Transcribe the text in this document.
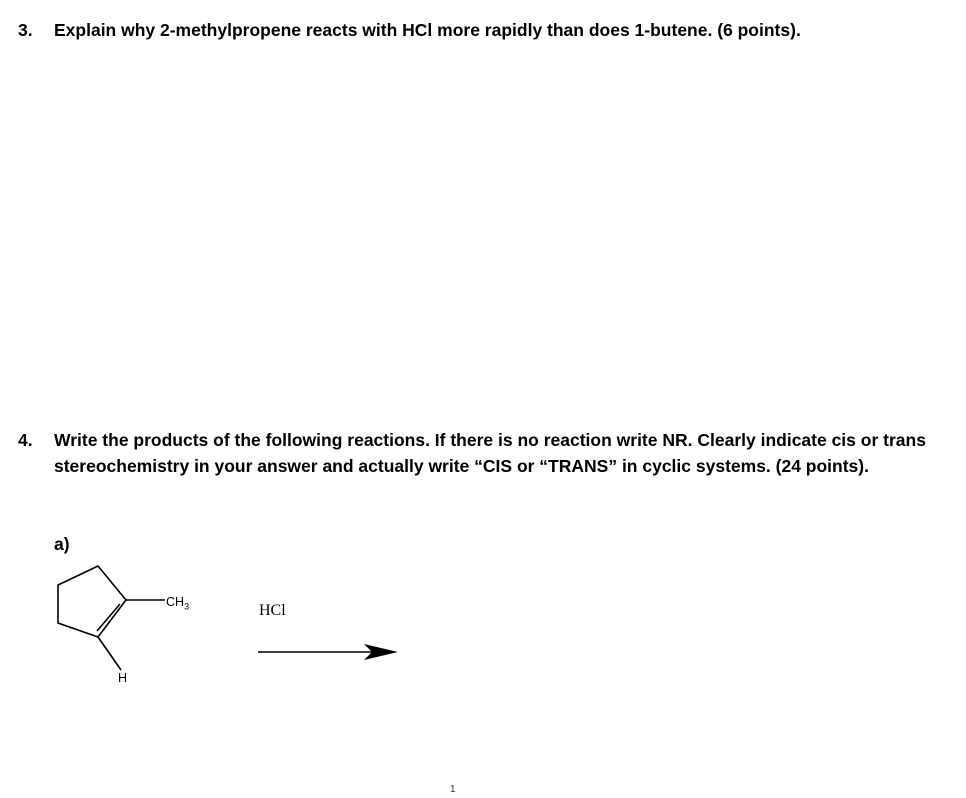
3.	Explain why 2-methylpropene reacts with HCl more rapidly than does 1-butene. (6 points).
4.	Write the products of the following reactions. If there is no reaction write NR. Clearly indicate cis or trans stereochemistry in your answer and actually write “CIS or “TRANS” in cyclic systems. (24 points).
a)
$CH_3$
H
HCl
1
